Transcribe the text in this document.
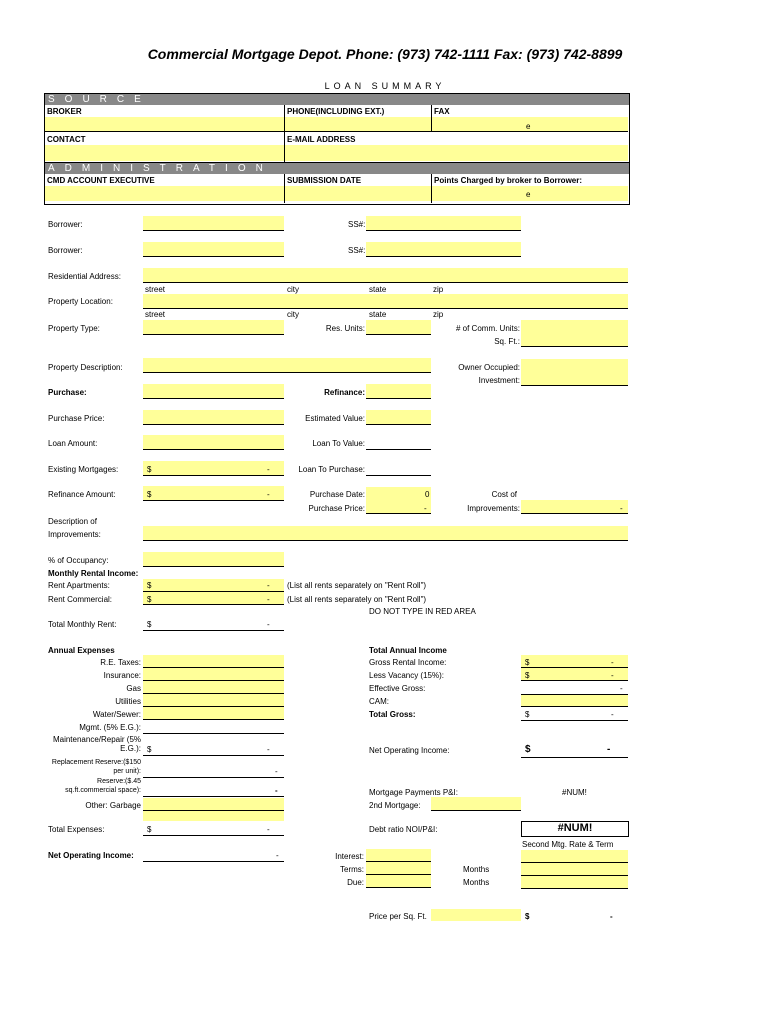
Commercial Mortgage Depot. Phone: (973) 742-1111 Fax: (973) 742-8899
LOAN SUMMARY
SOURCE
BROKER	PHONE(INCLUDING EXT.)	FAX
e
CONTACT	E-MAIL ADDRESS
ADMINISTRATION
CMD ACCOUNT EXECUTIVE	SUBMISSION DATE	Points Charged by broker to Borrower:
e
Borrower:	SS#:
Borrower:	SS#:
Residential Address:
street	city	state	zip
Property Location:
street	city	state	zip
Property Type:	Res. Units:	# of Comm. Units:
Sq. Ft.:
Property Description:	Owner Occupied:
Investment:
Purchase:	Refinance:
Purchase Price:	Estimated Value:
Loan Amount:	Loan To Value:
Existing Mortgages:	$	-	Loan To Purchase:
Refinance Amount:	$	-	Purchase Date:	0
Purchase Price:	-
Cost of
Improvements:	-
Description of
Improvements:
% of Occupancy:
Monthly Rental Income:
Rent Apartments:	$	- (List all rents separately on "Rent Roll")
Rent Commercial:	$	- (List all rents separately on "Rent Roll")
DO NOT TYPE IN RED AREA
Total Monthly Rent:	$	-
Annual Expenses
R.E. Taxes:
Insurance:
Gas
Utilities
Water/Sewer:
Mgmt. (5% E.G.):
Maintenance/Repair (5%
E.G.): $	-
Replacement Reserve:($150
per unit):	-
Reserve:($.45
sq.ft.commercial space):	-
Other: Garbage
Total Expenses:	$	-
Net Operating Income:	-
Total Annual Income
Gross Rental Income:	$	-
Less Vacancy (15%):	$	-
Effective Gross:	-
CAM:
Total Gross:	$	-
Net Operating Income:	$	-
Mortgage Payments P&I:	#NUM!
2nd Mortgage:
Debt ratio NOI/P&I:	#NUM!
Second Mtg. Rate & Term
Interest:
Terms:	Months
Due:	Months
Price per Sq. Ft.	$	-
